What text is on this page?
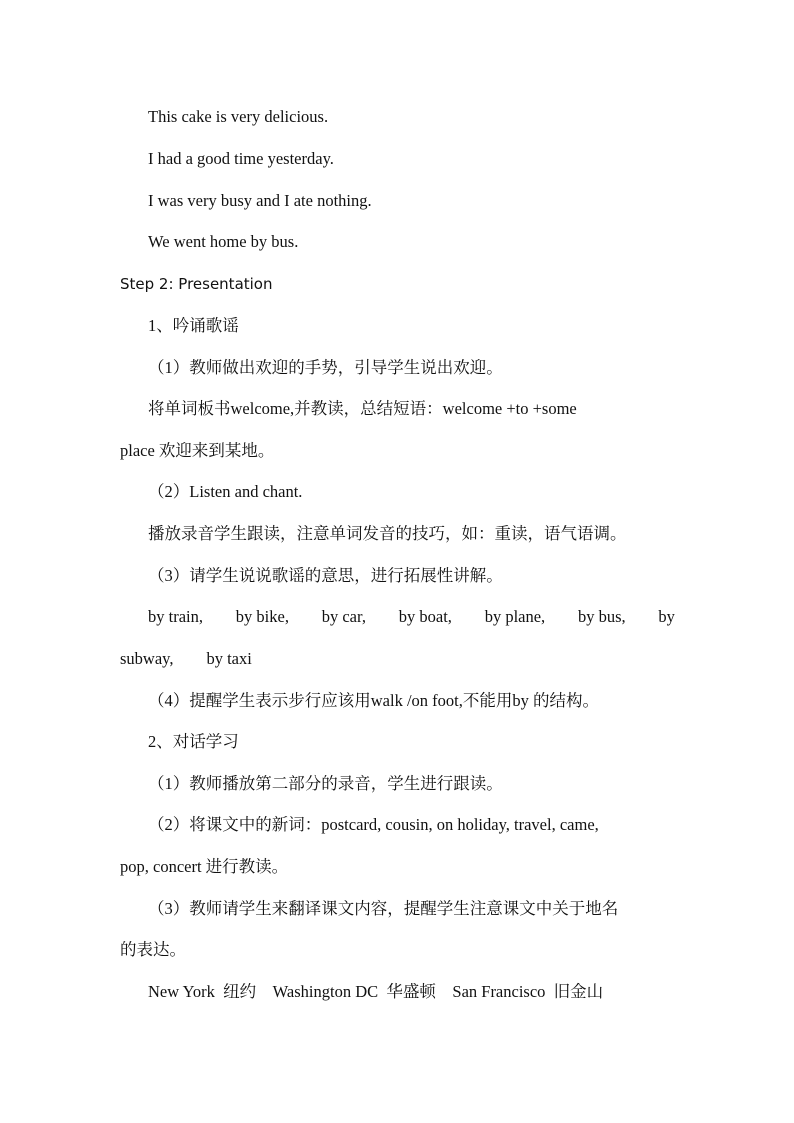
This cake is very delicious.
I had a good time yesterday.
I was very busy and I ate nothing.
We went home by bus.
Step 2: Presentation
1、吟诵歌谣
（1）教师做出欢迎的手势，引导学生说出欢迎。
将单词板书welcome,并教读，总结短语：welcome +to +some
place 欢迎来到某地。
（2）Listen and chant.
播放录音学生跟读，注意单词发音的技巧，如：重读，语气语调。
（3）请学生说说歌谣的意思，进行拓展性讲解。
by train, by bike, by car, by boat, by plane, by bus, by
subway,        by taxi
（4）提醒学生表示步行应该用walk /on foot,不能用by 的结构。
2、对话学习
（1）教师播放第二部分的录音，学生进行跟读。
（2）将课文中的新词：postcard, cousin, on holiday, travel, came,
pop, concert 进行教读。
（3）教师请学生来翻译课文内容，提醒学生注意课文中关于地名
的表达。
New York  纽约    Washington DC  华盛顿    San Francisco  旧金山
